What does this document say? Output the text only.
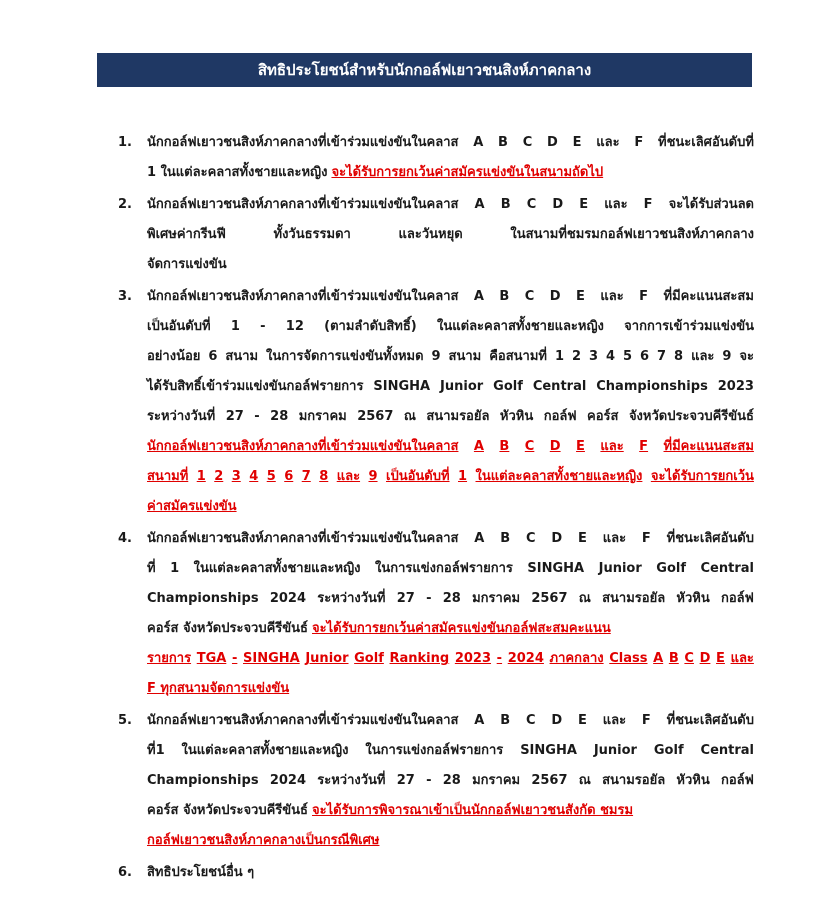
สิทธิประโยชน์สำหรับนักกอล์ฟเยาวชนสิงห์ภาคกลาง
1. นักกอล์ฟเยาวชนสิงห์ภาคกลางที่เข้าร่วมแข่งขันในคลาส A B C D E และ F ที่ชนะเลิศอันดับที่
1 ในแต่ละคลาสทั้งชายและหญิง จะได้รับการยกเว้นค่าสมัครแข่งขันในสนามถัดไป
2. นักกอล์ฟเยาวชนสิงห์ภาคกลางที่เข้าร่วมแข่งขันในคลาส A B C D E และ F จะได้รับส่วนลด
พิเศษค่ากรีนฟี	ทั้งวันธรรมดา	และวันหยุด	ในสนามที่ชมรมกอล์ฟเยาวชนสิงห์ภาคกลาง
จัดการแข่งขัน
3. นักกอล์ฟเยาวชนสิงห์ภาคกลางที่เข้าร่วมแข่งขันในคลาส A B C D E และ F ที่มีคะแนนสะสม
เป็นอันดับที่ 1 - 12 (ตามลำดับสิทธิ์) ในแต่ละคลาสทั้งชายและหญิง จากการเข้าร่วมแข่งขัน
อย่างน้อย 6 สนาม ในการจัดการแข่งขันทั้งหมด 9 สนาม คือสนามที่ 1 2 3 4 5 6 7 8 และ 9 จะ
ได้รับสิทธิ์เข้าร่วมแข่งขันกอล์ฟรายการ SINGHA Junior Golf Central Championships 2023
ระหว่างวันที่ 27 - 28 มกราคม 2567 ณ สนามรอยัล หัวหิน กอล์ฟ คอร์ส จังหวัดประจวบคีรีขันธ์
นักกอล์ฟเยาวชนสิงห์ภาคกลางที่เข้าร่วมแข่งขันในคลาส A B C D E และ F ที่มีคะแนนสะสม
สนามที่ 1 2 3 4 5 6 7 8 และ 9 เป็นอันดับที่ 1 ในแต่ละคลาสทั้งชายและหญิง จะได้รับการยกเว้น
ค่าสมัครแข่งขัน
4. นักกอล์ฟเยาวชนสิงห์ภาคกลางที่เข้าร่วมแข่งขันในคลาส A B C D E และ F ที่ชนะเลิศอันดับ
ที่ 1 ในแต่ละคลาสทั้งชายและหญิง ในการแข่งกอล์ฟรายการ SINGHA Junior Golf Central
Championships 2024 ระหว่างวันที่ 27 - 28 มกราคม 2567 ณ สนามรอยัล หัวหิน กอล์ฟ
คอร์ส จังหวัดประจวบคีรีขันธ์ จะได้รับการยกเว้นค่าสมัครแข่งขันกอล์ฟสะสมคะแนน
รายการ TGA - SINGHA Junior Golf Ranking 2023 - 2024 ภาคกลาง Class A B C D E และ
F ทุกสนามจัดการแข่งขัน
5. นักกอล์ฟเยาวชนสิงห์ภาคกลางที่เข้าร่วมแข่งขันในคลาส A B C D E และ F ที่ชนะเลิศอันดับ
ที่1 ในแต่ละคลาสทั้งชายและหญิง ในการแข่งกอล์ฟรายการ SINGHA Junior Golf Central
Championships 2024 ระหว่างวันที่ 27 - 28 มกราคม 2567 ณ สนามรอยัล หัวหิน กอล์ฟ
คอร์ส จังหวัดประจวบคีรีขันธ์ จะได้รับการพิจารณาเข้าเป็นนักกอล์ฟเยาวชนสังกัด ชมรม
กอล์ฟเยาวชนสิงห์ภาคกลางเป็นกรณีพิเศษ
6. สิทธิประโยชน์อื่น ๆ
